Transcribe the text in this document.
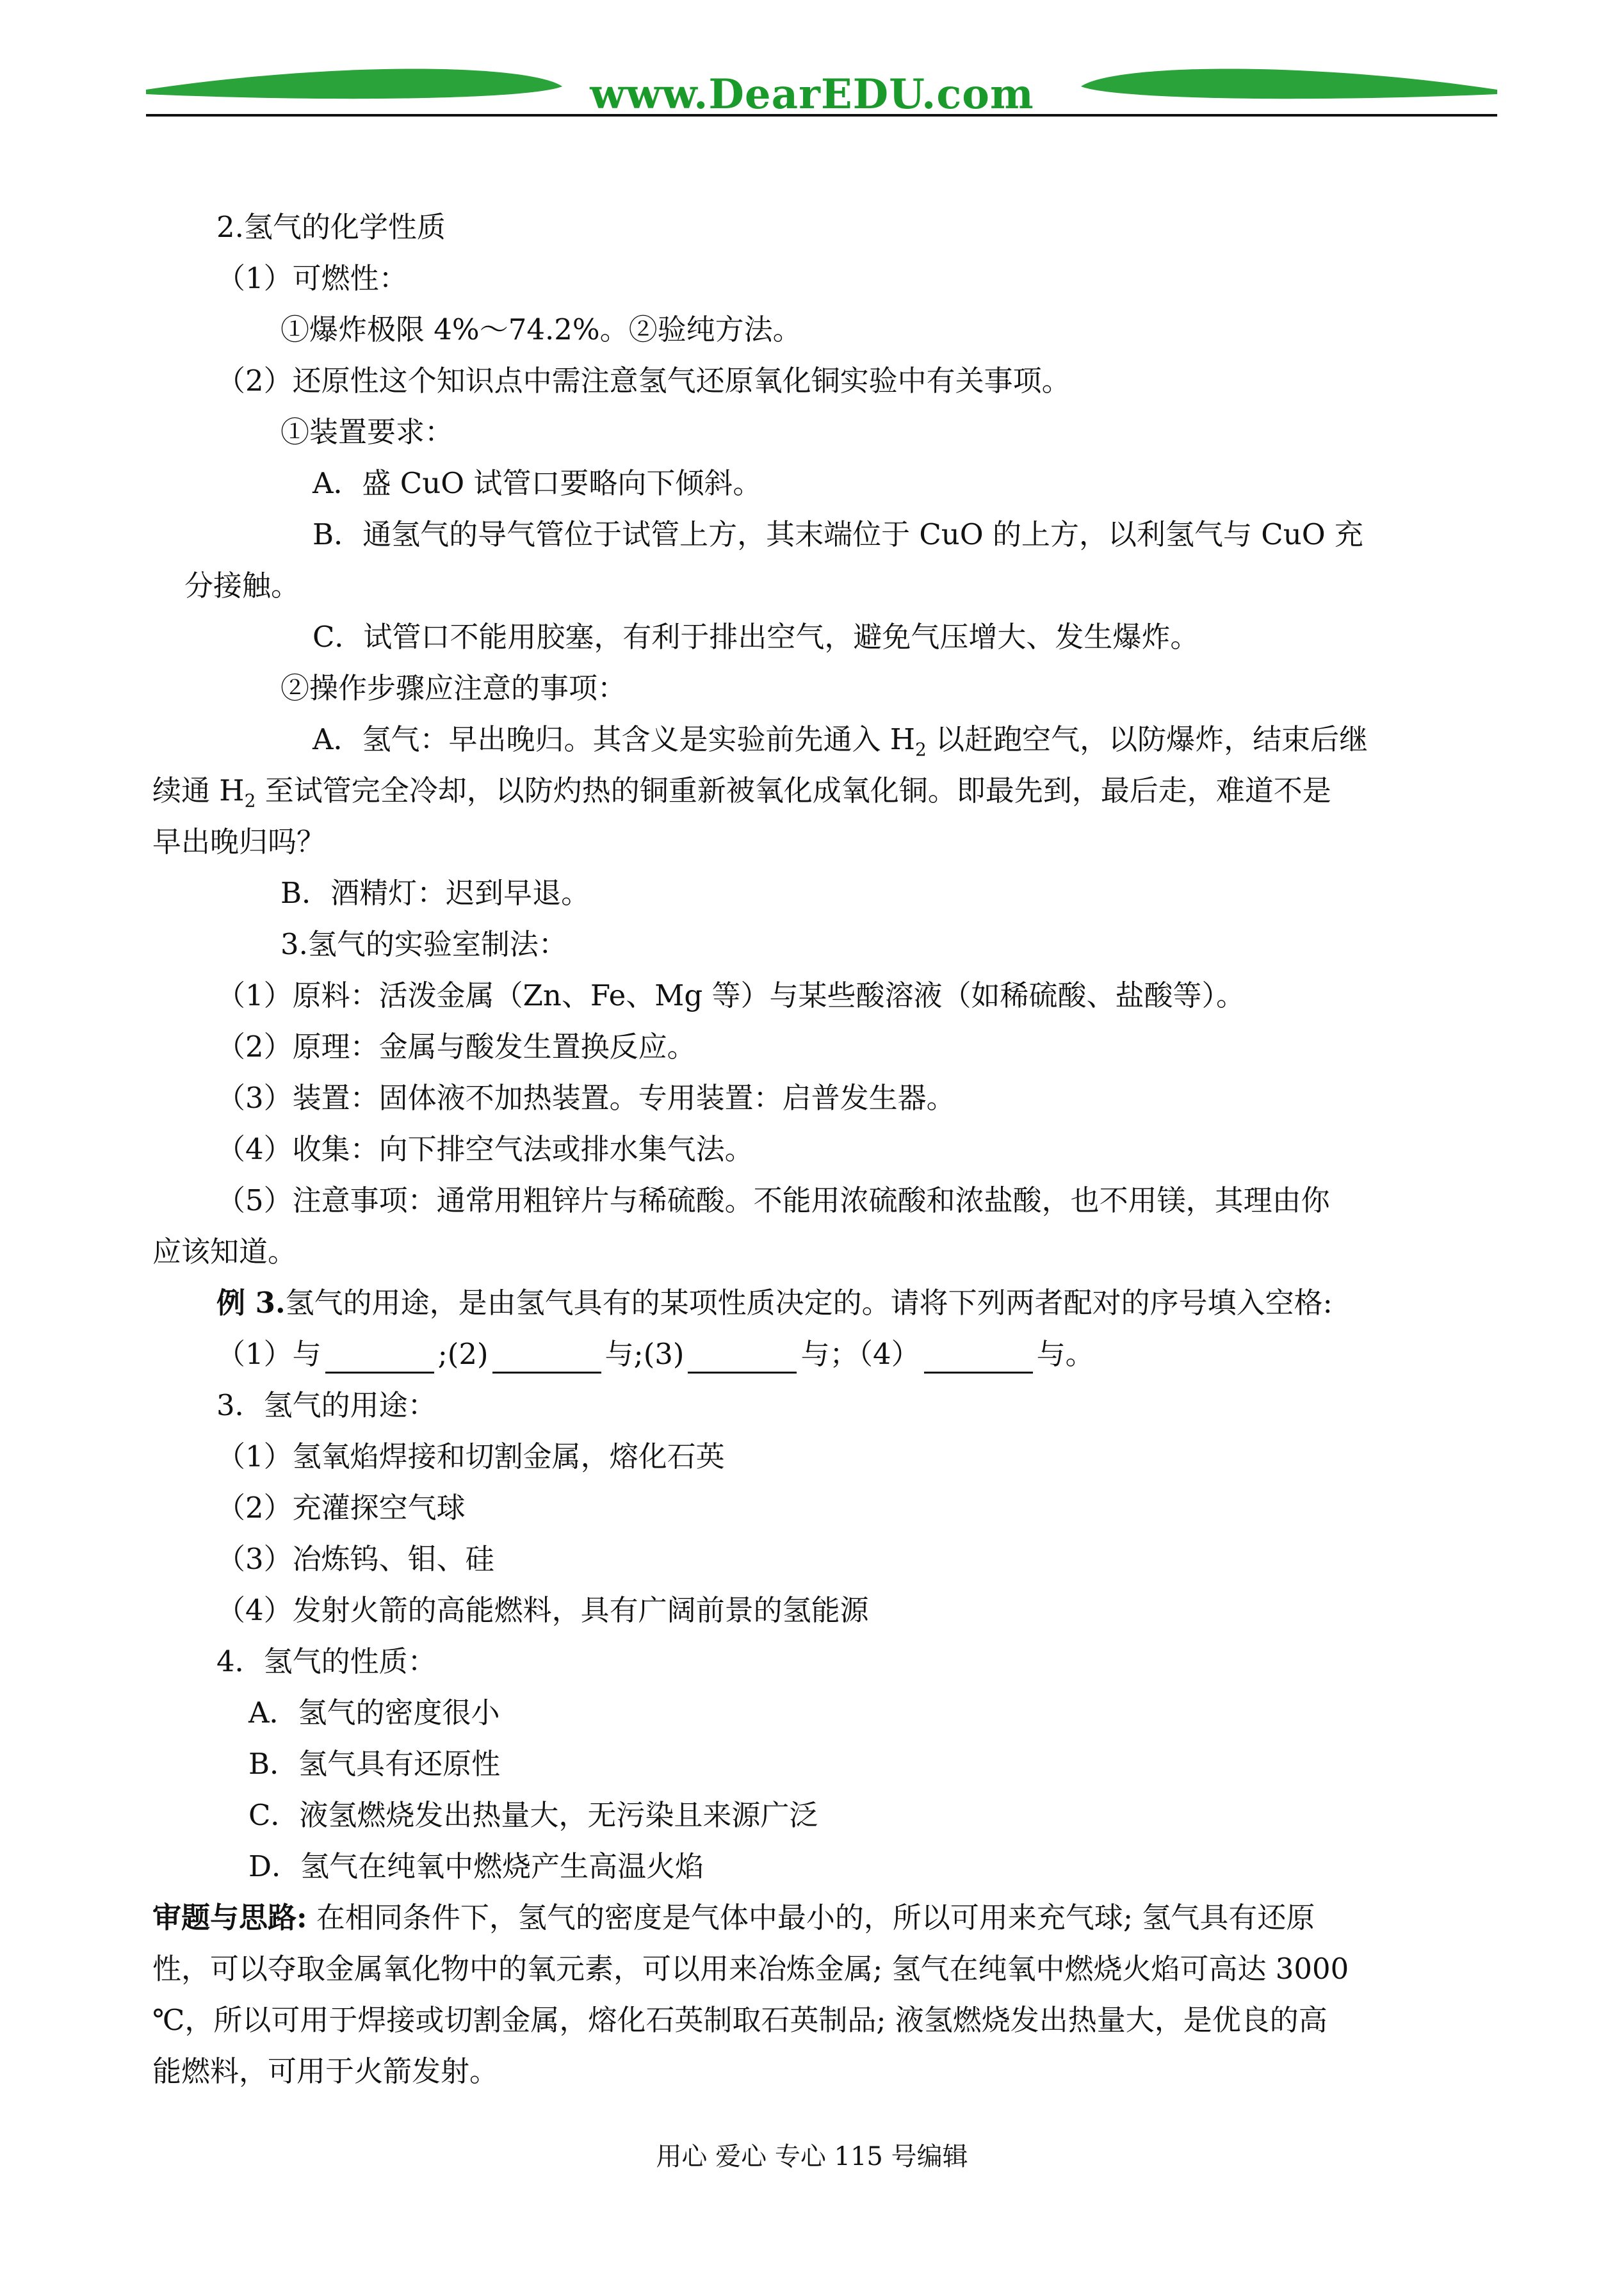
www.DearEDU.com
2.氢气的化学性质
（1）可燃性：
①爆炸极限 4%～74.2%。②验纯方法。
（2）还原性这个知识点中需注意氢气还原氧化铜实验中有关事项。
①装置要求：
A．盛 CuO 试管口要略向下倾斜。
B．通氢气的导气管位于试管上方，其末端位于 CuO 的上方，以利氢气与 CuO 充
分接触。
C．试管口不能用胶塞，有利于排出空气，避免气压增大、发生爆炸。
②操作步骤应注意的事项：
A．氢气：早出晚归。其含义是实验前先通入 $H_2$ 以赶跑空气，以防爆炸，结束后继
续通 $H_2$ 至试管完全冷却，以防灼热的铜重新被氧化成氧化铜。即最先到，最后走，难道不是
早出晚归吗？
B．酒精灯：迟到早退。
3.氢气的实验室制法：
（1）原料：活泼金属（Zn、Fe、Mg 等）与某些酸溶液（如稀硫酸、盐酸等）。
（2）原理：金属与酸发生置换反应。
（3）装置：固体液不加热装置。专用装置：启普发生器。
（4）收集：向下排空气法或排水集气法。
（5）注意事项：通常用粗锌片与稀硫酸。不能用浓硫酸和浓盐酸，也不用镁，其理由你
应该知道。
例 3.氢气的用途，是由氢气具有的某项性质决定的。请将下列两者配对的序号填入空格:
（1）与	;(2)	与;(3)	与；（4）	与。
3．氢气的用途：
（1）氢氧焰焊接和切割金属，熔化石英
（2）充灌探空气球
（3）冶炼钨、钼、硅
（4）发射火箭的高能燃料，具有广阔前景的氢能源
4．氢气的性质：
A．氢气的密度很小
B．氢气具有还原性
C．液氢燃烧发出热量大，无污染且来源广泛
D．氢气在纯氧中燃烧产生高温火焰
审题与思路: 在相同条件下，氢气的密度是气体中最小的，所以可用来充气球; 氢气具有还原
性，可以夺取金属氧化物中的氧元素，可以用来冶炼金属; 氢气在纯氧中燃烧火焰可高达 3000
℃，所以可用于焊接或切割金属，熔化石英制取石英制品; 液氢燃烧发出热量大，是优良的高
能燃料，可用于火箭发射。
用心 爱心 专心 115 号编辑
